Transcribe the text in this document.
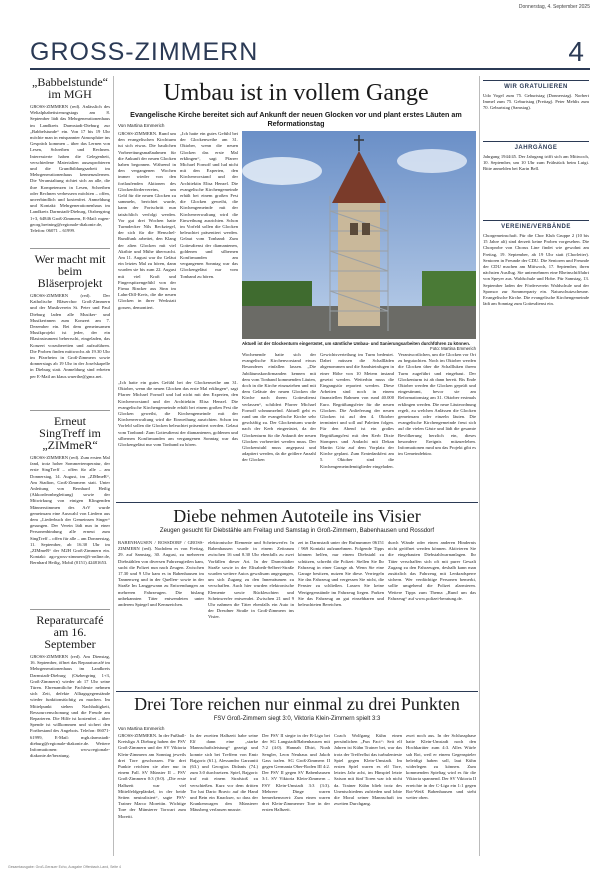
Donnerstag, 4. September 2025
GROSS-ZIMMERN	4
„Babbelstunde“ im MGH
GROSS-ZIMMERN (red). Anlässlich des Weltalphabetisierungstags am 8. September lädt das Mehrgenerationenhaus im Landkreis Darmstadt-Dieburg zur „Babbelstunde“ ein. Von 17 bis 19 Uhr möchte man in entspannter Atmosphäre ins Gespräch kommen – über das Lernen von Lesen, Schreiben und Rechnen. Interessierte haben die Gelegenheit, verschiedene Materialien auszuprobieren und die Grundbildungsarbeit im Mehrgenerationenhaus kennenzulernen. Die Veranstaltung richtet sich an alle, die ihre Kompetenzen in Lesen, Schreiben oder Rechnen verbessern möchten – offen, unverbindlich und kostenfrei. Anmeldung und Kontakt: Mehrgenerationenhaus im Landkreis Darmstadt-Dieburg, Otzbergring 1+3, 64846 Groß-Zimmern, E-Mail: mgen-georg.breining@regionale-diakonie.de, Telefon: 06071 – 61999.
Wer macht mit beim Bläserprojekt
GROSS-ZIMMERN (red). Der Katholische Bläserchor Groß-Zimmern und der Musikverein St. Peter und Paul Dieburg laden alle Musiker- und Musikerinnen zum Konzert am 7. Dezember ein. Bei dem gemeinsamen Musikprojekt ist jeder, der ein Blasinstrument beherrscht, eingeladen, das Konzert vorzubereiten und aufzuführen. Die Proben finden mittwochs ab 19.30 Uhr im Pfarrheim in Groß-Zimmern sowie donnerstags ab 19 Uhr in der Josefskapelle in Dieburg statt. Anmeldung sind erbeten per E-Mail an klaus.wuerthe@gmx.net.
Erneut SingTreff im „ZIMmeR“
GROSS-ZIMMERN (red). Zum ersten Mal fand, trotz hoher Sommertemperatur, der erste SingTreff – offen für alle – am Donnerstag, 14. August, im „ZIMmeR“, Am Stadion, Groß-Zimmern statt. Unter Anleitung von Bernhard Heilig (Akkordeonbegleitung) sowie der Mitwirkung von einigen Klingenden Männerstimmen des ArV wurde gemeinsam eine Auswahl von Liedern aus dem „Liederbuch der Gemeinsen Singer“ gesungen. Der Verein lädt nun in einer Personenbindung alle erneut zum SingTreff – offen für alle – am Donnerstag, 11. September, ab 16.30 Uhr im „ZIMmeR“ der M2H Groß-Zimmern ein. Kontakt: ago-gross-zimmern@t-online.de, Bernhard Heilig, Mobil (0151) 42481653.
Reparaturcafé am 16. September
GROSS-ZIMMERN (red). Am Dienstag, 16. September, öffnet das Reparaturcafé im Mehrgenerationenhaus im Landkreis Darmstadt-Dieburg (Otzbergring 1+3, Groß-Zimmern) wieder ab 17 Uhr seine Türen. Ehrenamtliche Fachleute nehmen sich Zeit, defekte Alltagsgegenstände wieder funktionstüchtig zu machen. Im Mittelpunkt stehen Nachhaltigkeit, Ressourcenschonung und die Freude am Reparieren. Die Hilfe ist kostenfrei – über Spende ist willkommen und sichert den Fortbestand des Angebots. Telefon: 06071-61999, E-Mail: mgh.darmstadt-dieburg@regionale-diakonie.de. Weitere Informationen: www.regionale-diakonie.de/beratung.
Umbau ist in vollem Gange
Evangelische Kirche bereitet sich auf Ankunft der neuen Glocken vor und plant erstes Läuten am Reformationstag
Von Martina Emmerich
GROSS-ZIMMERN. Rund um den evangelischen Kirchturm tut sich etwas. Die baulichen Vorbereitungsmaßnahmen für die Ankunft der neuen Glocken haben begonnen. Während in den vergangenen Wochen immer wieder von den fortlaufenden Aktionen des Glockenfördervereins, um Geld für die neuen Glocken zu sammeln, berichtet wurde, kann der Fortschritt nun tatsächlich verfolgt werden. Vor gut drei Wochen hatte Turmdecker Nils Reckziegel, der sich für die Henschel-Rundfunk arbeitet, den Klang der alten Glocken mit viel Akribie und Mühe überwacht. Am 11. August war ihr Geläut ein letztes Mal zu hören, dann wurden sie bis zum 22. August mit viel Kraft und Fingerspitzengefühl von der Firma Rincker aus Sinn im Lahn-Dill-Kreis, die die neuen Glocken in ihrer Werkstatt gossen, demontiert.
„Ich hatte ein gutes Gefühl bei der Glockenweihe am 31. Oktober, wenn die neuen Glocken das erste Mal erklingen“, sagt Pfarrer Michael Fornoff und lud nicht mit den Experten, den Kirchenvorstand und der Architektin Elisa Henzel. Die evangelische Kirchengemeinde erhält bei einem großen Fest die Glocken geweiht, die Kirchengemeinde mit der Kirchenverwaltung wird die Einweihung ausrichten. Schon im Vorfeld sollen die Glocken beleuchtet präsentiert werden. Gelaut vom Tonband: Zum Gottesdienst der diamantenen, goldenen und silbernen Konfirmanden am vergangenen Sonntag war das Glockengeläut nur vom Tonband zu hören.
Aktuell ist der Glockenturm eingerüstet, um sämtliche Umbau- und Sanierungsarbeiten durchführen zu können.
Foto: Martina Emmerich
Wochenende hatte sich der evangelische Kirchenvorstand etwas Besonderes einfallen lassen. „Die Jubiläumskonfirmanden kennen mit dem vom Tonband kommenden Läuten, doch in die Kirche einzuziehen und mit dem Geläute der neuen Glocken die Kirche nach ihrem Gottesdienst verlassen“, schildert Pfarrer Michael Fornoff schmunzelnd. Aktuell geht es rund um die evangelische Kirche sehr geschäftig zu. Der Glockenturm wurde nach der Kerb eingerüstet, da der Glockenturm für die Ankunft der neuen Glocken vorbereitet werden muss. Der Glockenstuhl muss angepasst und adaptiert werden, da die größere Anzahl der Glocken
Gewichtsverteilung im Turm bedeutet. Dabei müssen die Schallläden abgenommen und die Sandsteinfugen in einer Höhe von 10 Metern instand gesetzt werden. Weiterhin muss die Eingangstür repariert werden. Diese Arbeiten sind noch in einem finanziellen Rahmen von rund 40.000 Euro. Begrüßungsfeier für die neuen Glocken. Die Anlieferung der neuen Glocken ist auf den 4. Oktober terminiert und soll auf Paletten folgen. Für den Abend ist ein großes Begrüßungsfest mit den Kerb Dixie Stompers und Andacht mit Dekan Martin Götz auf dem Vorplatz der Kirche geplant. Zum Erntedankfest am 5. Oktober sind die Kirchengemeindemitglieder eingeladen.
Verantwortlichen, um die Glocken vor Ort zu begutachten. Noch im Oktober werden die Glocken über die Schallluken ihrem Turm zugeführt und eingebaut. Der Glockenturm ist ab dann bereit. Bis Ende Oktober werden die Glocken geprüft und eingestimmt, bevor sie am Reformationstag am 31. Oktober erstmals erklingen werden. Die neue Läuteordnung regelt, zu welchen Anlässen die Glocken gemeinsam oder einzeln läuten. Die evangelische Kirchengemeinde freut sich auf die vielen Gäste und lädt die gesamte Bevölkerung herzlich ein, dieses besondere Ereignis mitzuerleben. Informationen rund um das Projekt gibt es im Gemeindebüro.
„Ich hatte ein gutes Gefühl bei der Glockenweihe am 31. Oktober, wenn die neuen Glocken das erste Mal erklingen“, sagt Pfarrer Michael Fornoff und lud nicht mit den Experten, den Kirchenvorstand und der Architektin Elisa Henzel. Die evangelische Kirchengemeinde erhält bei einem großen Fest die Glocken geweiht, die Kirchengemeinde mit der Kirchenverwaltung wird die Einweihung ausrichten. Schon im Vorfeld sollen die Glocken beleuchtet präsentiert werden. Gelaut vom Tonband: Zum Gottesdienst der diamantenen, goldenen und silbernen Konfirmanden am vergangenen Sonntag war das Glockengeläut nur vom Tonband zu hören.
Diebe nehmen Autoteile ins Visier
Zeugen gesucht für Diebstähle am Freitag und Samstag in Groß-Zimmern, Babenhausen und Rossdorf
BABENHAUSEN / ROSSDORF / GROSS-ZIMMERN (red). Nachdem es von Freitag, 29. auf Samstag, 30. August, zu mehreren Diebstählen von diversen Fahrzeugteilen kam, sucht die Polizei nun nach Zeugen. Zwischen 17.30 und 9 Uhr kam es in Babenhausen im Tannenweg und in der Quellen- sowie in der Straße Im Langgewann zu Entwendungen an mehreren Fahrzeugen. Die bislang unbekannten Täter entwendeten unter anderem Spiegel und Kennzeichen.
elektronische Elemente und Scheinwerfer. In Babenhausen wurde in einem Zeitraum zwischen 16 und 8.30 Uhr ebenfalls zu zwei Vorfällen dieser Art. In der Darmstädter Straße sowie in der Elisabeth-Selbert-Straße wurden weitere Autos gewaltsam angegangen, um sich Zugang zu den Innenräumen zu verschaffen. Auch hier wurden elektronische Elemente sowie Rückleuchten und Scheinwerfer entwendet. Zwischen 21 und 9 Uhr nahmen die Täter ebenfalls ein Auto in der Dresdner Straße in Groß-Zimmern ins Visier.
zei in Darmstadt unter der Rufnummer 06151 / 969 Kontakt aufzunehmen. Folgende Tipps können helfen, nur einem Diebstahl zu schützen, schreibt die Polizei: Stellen Sie Ihr Fahrzeug in einer Garage ab. Wenn Sie eine Garage besitzen, nutzen Sie diese. Verriegeln Sie das Fahrzeug und vergessen Sie nicht, die Fenster zu schließen. Lassen Sie keine Wertgegenstände im Fahrzeug liegen. Parken Sie das Fahrzeug an gut einsehbaren und beleuchteten Bereichen.
durch Wände oder einen anderen Hindernis nicht geöffnet werden können. Aktivieren Sie die eingebauten Diebstahlwarnanlagen. Ihr Täter verschaffen sich oft mit purer Gewalt Zugang zu den Fahrzeugen, deshalb kann man zusätzlich das Fahrzeug mit Lenkradsperre sichern. Wer verdächtige Personen bemerkt, sollte umgehend die Polizei alarmieren. Weitere Tipps zum Thema „Rund um das Fahrzeug“ auf www.polizei-beratung.de.
Drei Tore reichen nur einmal zu drei Punkten
FSV Groß-Zimmern siegt 3:0, Viktoria Klein-Zimmern spielt 3:3
Von Martina Emmerich
GROSS-ZIMMERN. In der Fußball-Kreisliga A Dieburg haben der FSV Groß-Zimmern und der SV Viktoria Klein-Zimmern am Sonntag jeweils drei Tore geschossen. Für drei Punkte reichten sie aber nur in einem Fall. SV Münster II – FSV Groß-Zimmern 0:3 (0:0). „Die erste Halbzeit war viel Mittelfeldgeplänkel, in der beide Seiten neutralisiert“, sagte FSV-Trainer Marco Morettin. Wichtige Tore der Münsterer Torwart zum Moretti.
In der zweiten Halbzeit habe seine Elf dann eine „starke Mannschaftsleistung“ gezeigt und konnte sich bei Treffern von Emir Bajgoric (61.), Alessandro Garzaniti (63.) und Georgios Didanis (74.) zum 3:0 durchsetzen. Spiel, Bajgoric traf mit einem Strafstoß zu verschießen. Kurz vor dem dritten Tor hat Dario Bravic auf die Hand und Bein ein Knackser, so dass der Krankenwagen den Münsterer Mäusberg verlassen musste.
Der FSV II siegte in der B-Liga bei der SG Langstadt/Babenhausen mit 7:2 (4:0). Hannah Dhiri, Noah Sengler, Leon Neuhaus und Jakob Gass trafen. SG Groß-Zimmern II gegen Germania Ober-Roden III 4:2. Der FSV II gegen SV Babenhausen 3:1. SV Viktoria Klein-Zimmern – FSV Klein-Umstadt 3:3 (3:3). Mehrere Dinge waren bemerkenswert: Zum einen waren drei Klein-Zimmerner Tore in der ersten Halbzeit.
Coach Wolfgang Kühn einen persönlichen „Fun Fact“: Seit elf Jahren ist Kühn Trainer bei, war das trotz der Trefferflut das turbulenteste Spiel gegen Klein-Umstadt. Im ersten Spiel waren es elf Tore, letztes Jahr acht, im Hinspiel letzte Saison mit fünf Toren war ich nicht da. Trainer Kühn blieb trotz des Unentschiedens zufrieden und lobte die Moral seiner Mannschaft im zweiten Durchgang.
zwei noch aus. In der Schlussphase hatte Klein-Umstadt noch den Hochkaräter zum 4:3. Alles Würfe sah Rot, weil er einem Gegenspieler beleidigt haben soll, laut Kühn widerlegen zu können. Zum kommenden Spieltag wird es für die Viktoria spannend. Der SV Viktoria II erreichte in der C-Liga ein 1:1 gegen Rot-Weiß Babenhausen und steht weiter oben.
WIR GRATULIEREN
Udo Vogel zum 75. Geburtstag (Donnerstag). Norbert Immel zum 75. Geburtstag (Freitag). Peter Mehlis zum 70. Geburtstag (Samstag).
JAHRGÄNGE
Jahrgang 1944/45. Der Jahrgang trifft sich am Mittwoch, 10. September, um 10 Uhr zum Frühstück beim Luigi. Bitte anmelden bei Karin Bell.
VEREINE/VERBÄNDE
Chorgemeinschaft. Für die Chor Klub Gruppe 2 (10 bis 15 Jahre alt) sind derzeit keine Proben vorgesehen. Die Chorprobe von Chorus Line findet wie gewohnt am Freitag, 19. September, ab 19 Uhr statt (Chorleiter). Senioren in Freunde der CDU. Die Senioren und Freunde der CDU machen am Mittwoch, 17. September, ihren nächsten Ausflug. Sie unternehmen eine Rheinschifffahrt von Speyer aus. Waldschule und Hobe. Für Samstag, 13. September laden der Förderverein Waldschule und der Sponsor zur Sommerparty ein. Naturschutzscheune. Evangelische Kirche. Die evangelische Kirchengemeinde lädt am Sonntag zum Gottesdienst ein.
Gesamtausgabe: Groß-Gerauer Echo, Ausgabe Offenbach-Land, Seite 4
